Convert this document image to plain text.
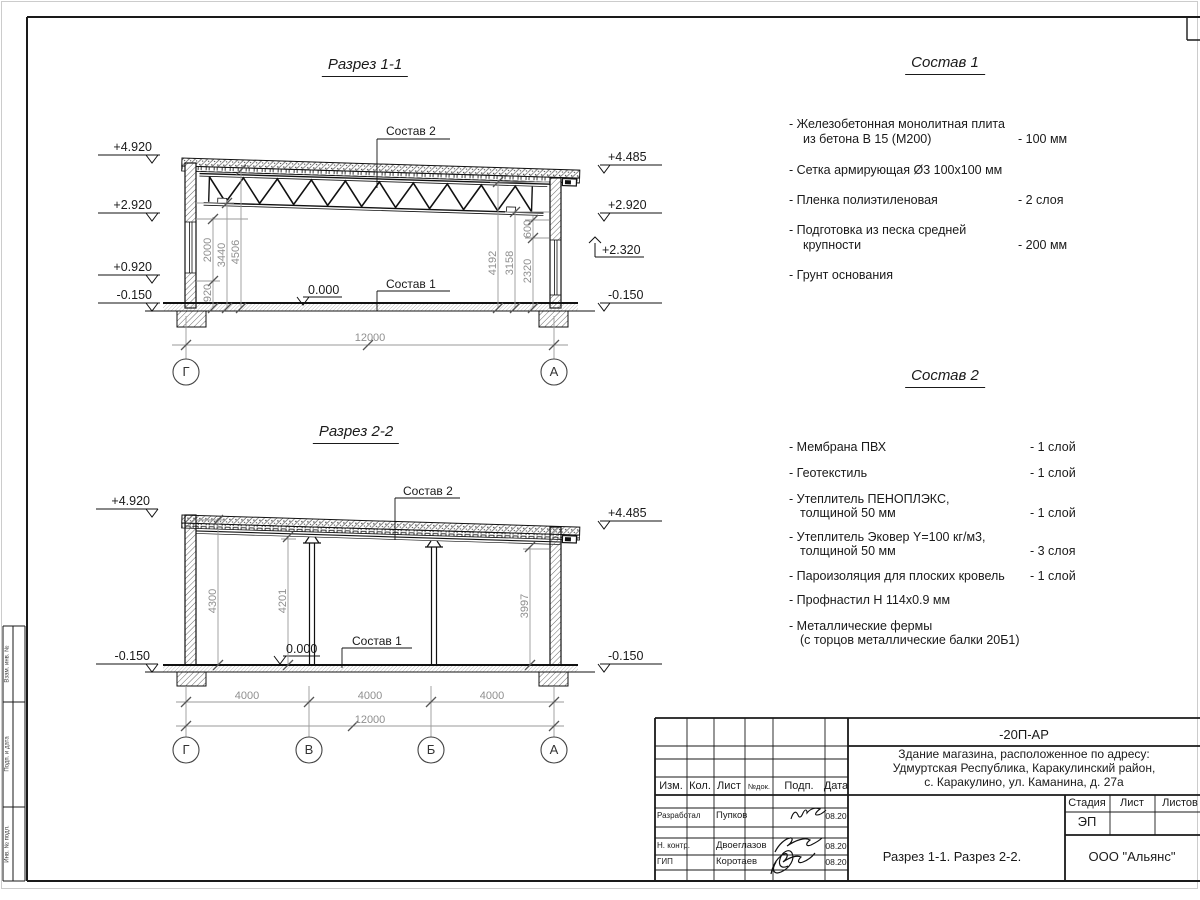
Разрез 1-1
+4.920
+2.920
+0.920
-0.150
+4.485
+2.920
+2.320
-0.150
Состав 2
Состав 1
0.000
920
2000 3440 4506	4192 3158 2320
600
12000
Г	А
Разрез 2-2
+4.920
-0.150
+4.485
-0.150
Состав 2
Состав 1
0.000
4300	4201	3997
4000	4000	4000
12000
Г	В	Б	А
Состав 1
- Железобетонная монолитная плита
из бетона В 15 (М200)	- 100 мм
- Сетка армирующая Ø3 100х100 мм
- Пленка полиэтиленовая	- 2 слоя
- Подготовка из песка средней
крупности	- 200 мм
- Грунт основания
Состав 2
- Мембрана ПВХ	- 1 слой
- Геотекстиль	- 1 слой
- Утеплитель ПЕНОПЛЭКС,
толщиной 50 мм	- 1 слой
- Утеплитель Эковер Y=100 кг/м3,
толщиной 50 мм	- 3 слоя
- Пароизоляция для плоских кровель - 1 слой
- Профнастил Н 114х0.9 мм
- Металлические фермы
(с торцов металлические балки 20Б1)
-20П-АР
Здание магазина, расположенное по адресу:
Удмуртская Республика, Каракулинский район,
с. Каракулино, ул. Каманина, д. 27а
Изм. Кол. Лист №док. Подп. Дата
Разработал Пупков	08.20
Н. контр.	Двоеглазов	08.20
ГИП	Коротаев	08.20
Стадия Лист Листов
ЭП
Разрез 1-1. Разрез 2-2.	ООО "Альянс"
Взам. инв. №
Подп. и дата
Инв. № подл.
